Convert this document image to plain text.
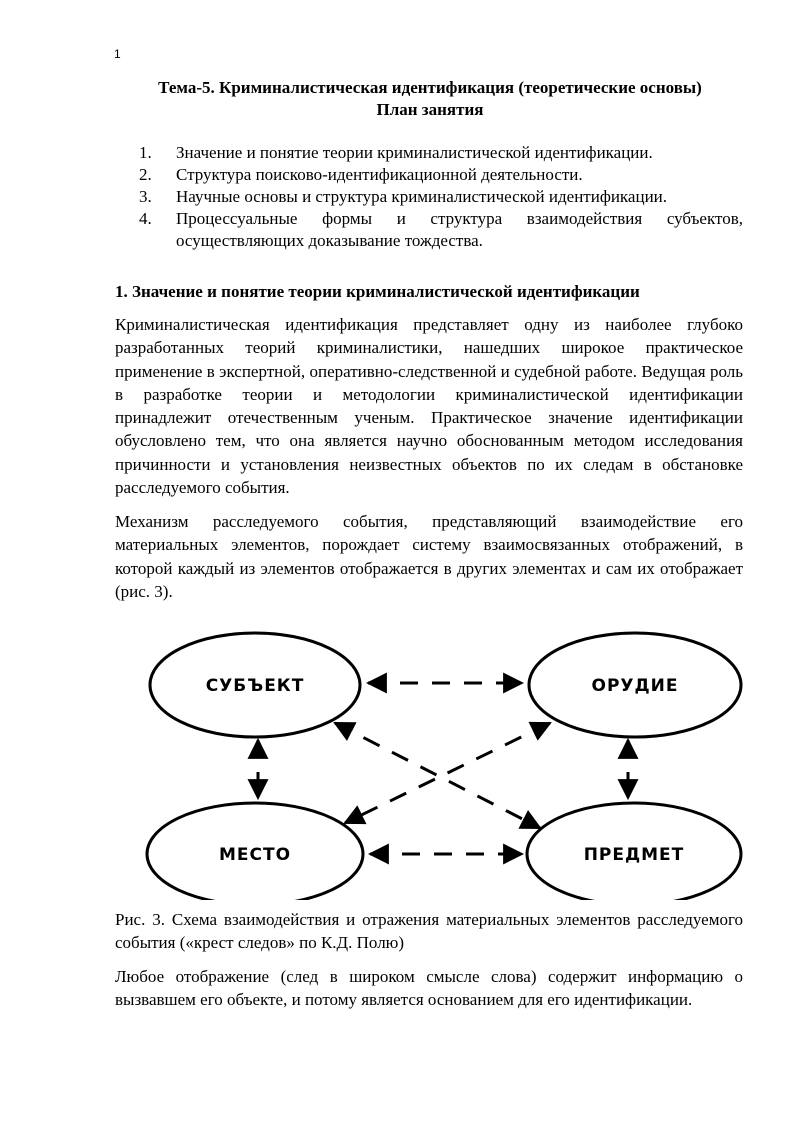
1
Тема-5. Криминалистическая идентификация (теоретические основы)
План занятия
1. Значение и понятие теории криминалистической идентификации.
2. Структура поисково-идентификационной деятельности.
3. Научные основы и структура криминалистической идентификации.
4. Процессуальные формы и структура взаимодействия субъектов, осуществляющих доказывание тождества.
1. Значение и понятие теории криминалистической идентификации

Криминалистическая идентификация представляет одну из наиболее глубоко разработанных теорий криминалистики, нашедших широкое практическое применение в экспертной, оперативно-следственной и судебной работе. Ведущая роль в разработке теории и методологии криминалистической идентификации принадлежит отечественным ученым. Практическое значение идентификации обусловлено тем, что она является научно обоснованным методом исследования причинности и установления неизвестных объектов по их следам в обстановке расследуемого события.

Механизм расследуемого события, представляющий взаимодействие его материальных элементов, порождает систему взаимосвязанных отображений, в которой каждый из элементов отображается в других элементах и сам их отображает (рис. 3).

СУБЪЕКТ	ОРУДИЕ
МЕСТО	ПРЕДМЕТ

Рис. 3. Схема взаимодействия и отражения материальных элементов расследуемого события («крест следов» по К.Д. Полю)

Любое отображение (след в широком смысле слова) содержит информацию о вызвавшем его объекте, и потому является основанием для его идентификации.
